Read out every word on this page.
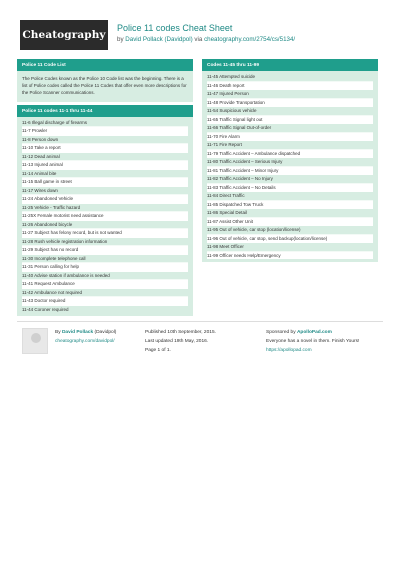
Cheatography
Police 11 codes Cheat Sheet
by David Pollack (Davidpol) via cheatography.com/2754/cs/5134/
Police 11 Code List
The Police Codes known as the Police 10 Code list was the beginning. There is a list of Police codes called the Police 11 Codes that offer even more descriptions for the Police Scanner communications.
Police 11 codes 11-1 thru 11-44
11-6 Illegal discharge of firearms
11-7 Prowler
11-8 Person down
11-10 Take a report
11-12 Dead animal
11-13 Injured animal
11-14 Animal bite
11-15 Ball game in street
11-17 Wires down
11-24 Abandoned Vehicle
11-25 Vehicle - Traffic hazard
11-25X Female motorist need assistance
11-26 Abandoned bicycle
11-27 Subject has felony record, but is not wanted
11-28 Rush vehicle registration information
11-29 Subject has no record
11-30 Incomplete telephone call
11-31 Person calling for help
11-40 Advise station if ambulance is needed
11-41 Request Ambulance
11-42 Ambulance not required
11-43 Doctor required
11-44 Coroner required
Codes 11-45 thru 11-99
11-45 Attempted suicide
11-46 Death report
11-47 Injured Person
11-48 Provide Transportation
11-54 Suspicious vehicle
11-65 Traffic Signal light out
11-66 Traffic Signal Out-of-order
11-70 Fire Alarm
11-71 Fire Report
11-79 Traffic Accident – Ambulance dispatched
11-80 Traffic Accident – Serious Injury
11-81 Traffic Accident – Minor Injury
11-82 Traffic Accident – No Injury
11-83 Traffic Accident – No Details
11-84 Direct Traffic
11-85 Dispatched Tow Truck
11-86 Special Detail
11-87 Assist Other Unit
11-95 Out of vehicle, car stop (location/license)
11-96 Out of vehicle, car stop, send backup(location/license)
11-98 Meet Officer
11-99 Officer needs Help/Emergency
By David Pollack (Davidpol)
cheatography.com/davidpol/
Published 10th September, 2015.
Last updated 19th May, 2016.
Page 1 of 1.
Sponsored by ApolloPad.com
Everyone has a novel in them. Finish Yours!
https://apollopad.com
